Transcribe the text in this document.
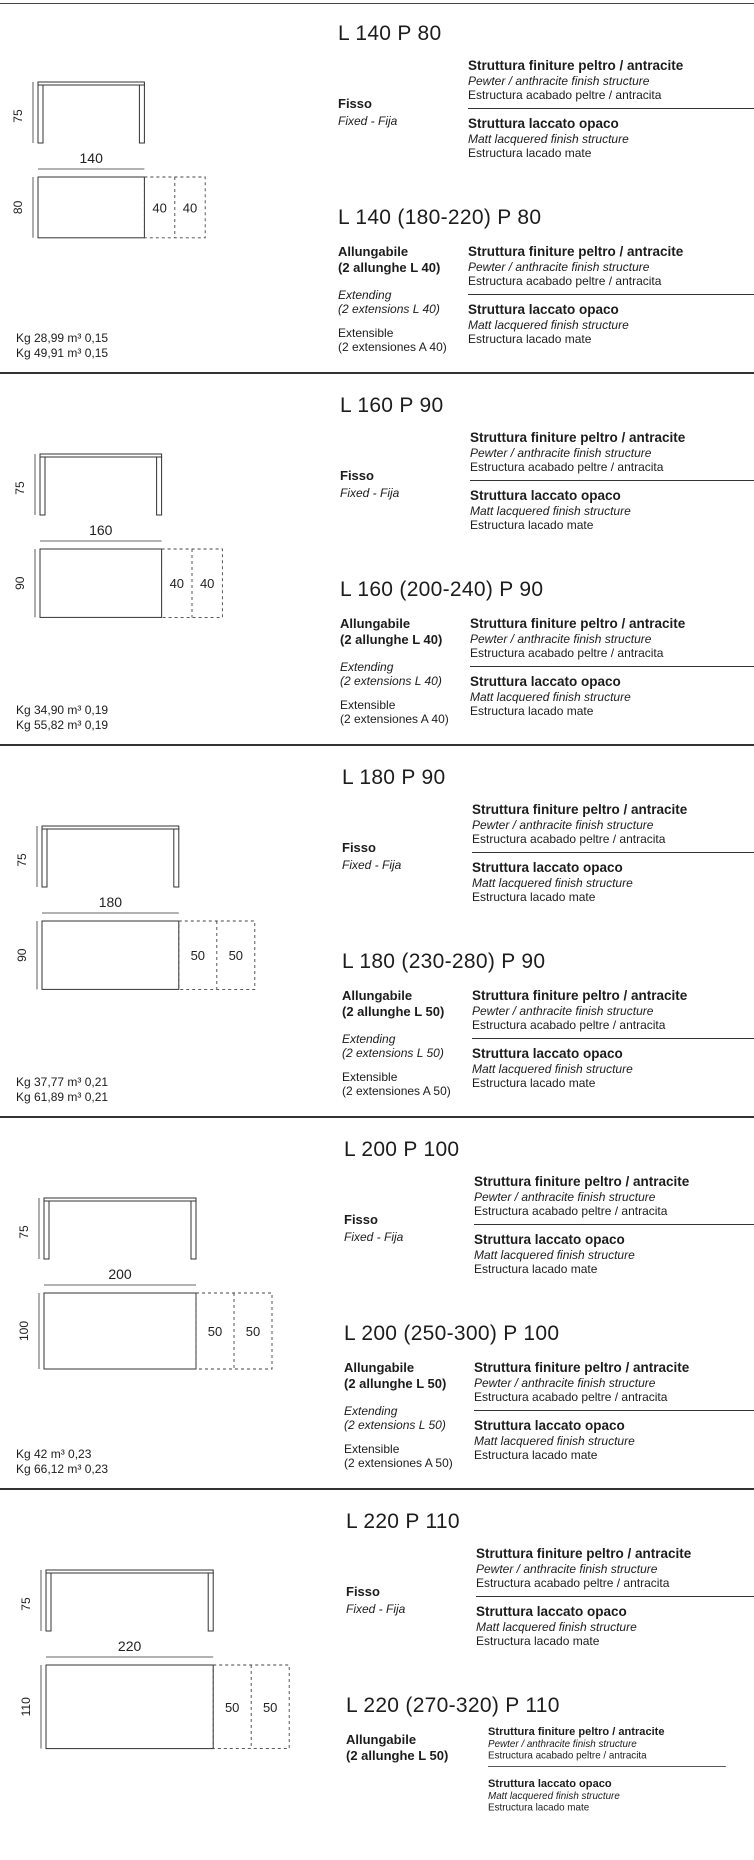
75
140
80	40 40
Kg 28,99 m³ 0,15
Kg 49,91 m³ 0,15
L 140 P 80
Fisso
Fixed - Fija
L 140 (180-220) P 80
Allungabile
(2 allunghe L 40)
Extending
(2 extensions L 40)
Extensible
(2 extensiones A 40)
Struttura finiture peltro / antracite
Pewter / anthracite finish structure
Estructura acabado peltre / antracita
Struttura laccato opaco
Matt lacquered finish structure
Estructura lacado mate
Struttura finiture peltro / antracite
Pewter / anthracite finish structure
Estructura acabado peltre / antracita
Struttura laccato opaco
Matt lacquered finish structure
Estructura lacado mate
75
160
90	40 40
Kg 34,90 m³ 0,19
Kg 55,82 m³ 0,19
L 160 P 90
Fisso
Fixed - Fija
L 160 (200-240) P 90
Allungabile
(2 allunghe L 40)
Extending
(2 extensions L 40)
Extensible
(2 extensiones A 40)
Struttura finiture peltro / antracite
Pewter / anthracite finish structure
Estructura acabado peltre / antracita
Struttura laccato opaco
Matt lacquered finish structure
Estructura lacado mate
Struttura finiture peltro / antracite
Pewter / anthracite finish structure
Estructura acabado peltre / antracita
Struttura laccato opaco
Matt lacquered finish structure
Estructura lacado mate
75
180
90	50 50
Kg 37,77 m³ 0,21
Kg 61,89 m³ 0,21
L 180 P 90
Fisso
Fixed - Fija
L 180 (230-280) P 90
Allungabile
(2 allunghe L 50)
Extending
(2 extensions L 50)
Extensible
(2 extensiones A 50)
Struttura finiture peltro / antracite
Pewter / anthracite finish structure
Estructura acabado peltre / antracita
Struttura laccato opaco
Matt lacquered finish structure
Estructura lacado mate
Struttura finiture peltro / antracite
Pewter / anthracite finish structure
Estructura acabado peltre / antracita
Struttura laccato opaco
Matt lacquered finish structure
Estructura lacado mate
75
200
100	50 50
Kg 42 m³ 0,23
Kg 66,12 m³ 0,23
L 200 P 100
Fisso
Fixed - Fija
L 200 (250-300) P 100
Allungabile
(2 allunghe L 50)
Extending
(2 extensions L 50)
Extensible
(2 extensiones A 50)
Struttura finiture peltro / antracite
Pewter / anthracite finish structure
Estructura acabado peltre / antracita
Struttura laccato opaco
Matt lacquered finish structure
Estructura lacado mate
Struttura finiture peltro / antracite
Pewter / anthracite finish structure
Estructura acabado peltre / antracita
Struttura laccato opaco
Matt lacquered finish structure
Estructura lacado mate
75
220
110	50 50
L 220 P 110
Fisso
Fixed - Fija
L 220 (270-320) P 110
Allungabile
(2 allunghe L 50)
Struttura finiture peltro / antracite
Pewter / anthracite finish structure
Estructura acabado peltre / antracita
Struttura laccato opaco
Matt lacquered finish structure
Estructura lacado mate
Struttura finiture peltro / antracite
Pewter / anthracite finish structure
Estructura acabado peltre / antracita
Struttura laccato opaco
Matt lacquered finish structure
Estructura lacado mate
